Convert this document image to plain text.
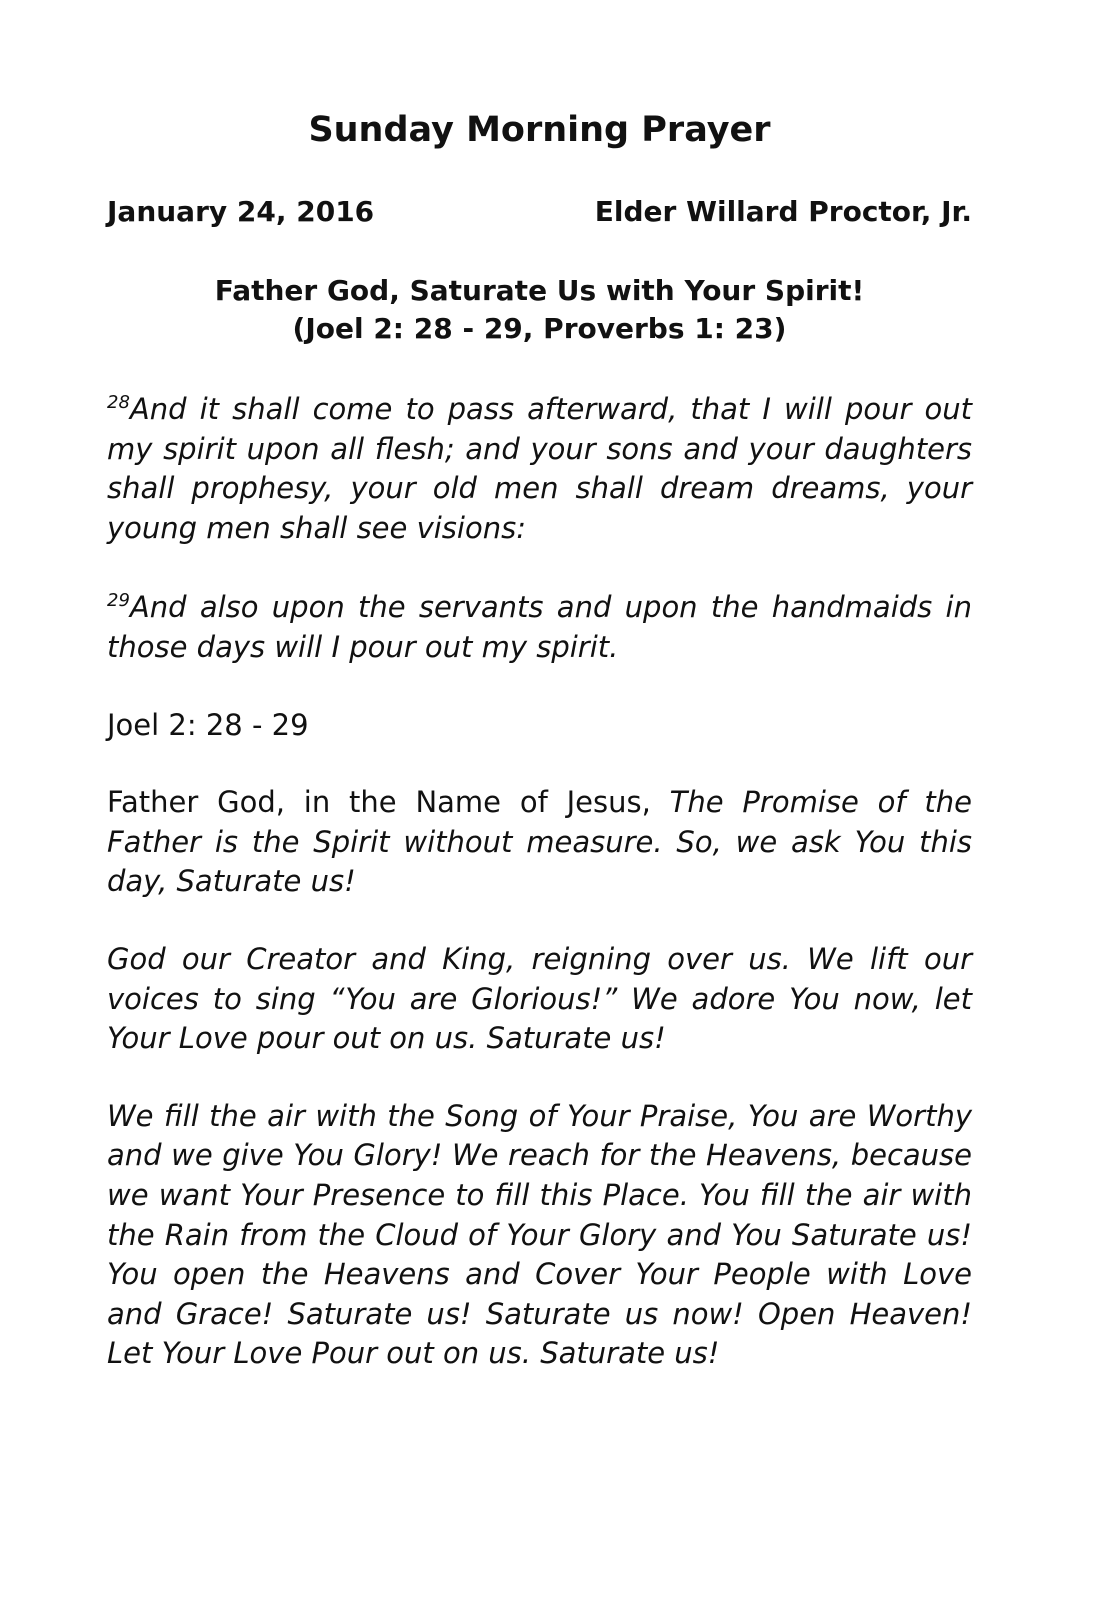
Sunday Morning Prayer
January 24, 2016	Elder Willard Proctor, Jr.
Father God, Saturate Us with Your Spirit!
(Joel 2: 28 - 29, Proverbs 1: 23)

$^{28}$And it shall come to pass afterward, that I will pour out my spirit upon all flesh; and your sons and your daughters shall prophesy, your old men shall dream dreams, your young men shall see visions:

$^{29}$And also upon the servants and upon the handmaids in those days will I pour out my spirit.

Joel 2: 28 - 29

Father God, in the Name of Jesus, The Promise of the Father is the Spirit without measure. So, we ask You this day, Saturate us!

God our Creator and King, reigning over us. We lift our voices to sing “You are Glorious!” We adore You now, let Your Love pour out on us. Saturate us!

We fill the air with the Song of Your Praise, You are Worthy and we give You Glory! We reach for the Heavens, because we want Your Presence to fill this Place. You fill the air with the Rain from the Cloud of Your Glory and You Saturate us! You open the Heavens and Cover Your People with Love and Grace! Saturate us! Saturate us now! Open Heaven! Let Your Love Pour out on us. Saturate us!
